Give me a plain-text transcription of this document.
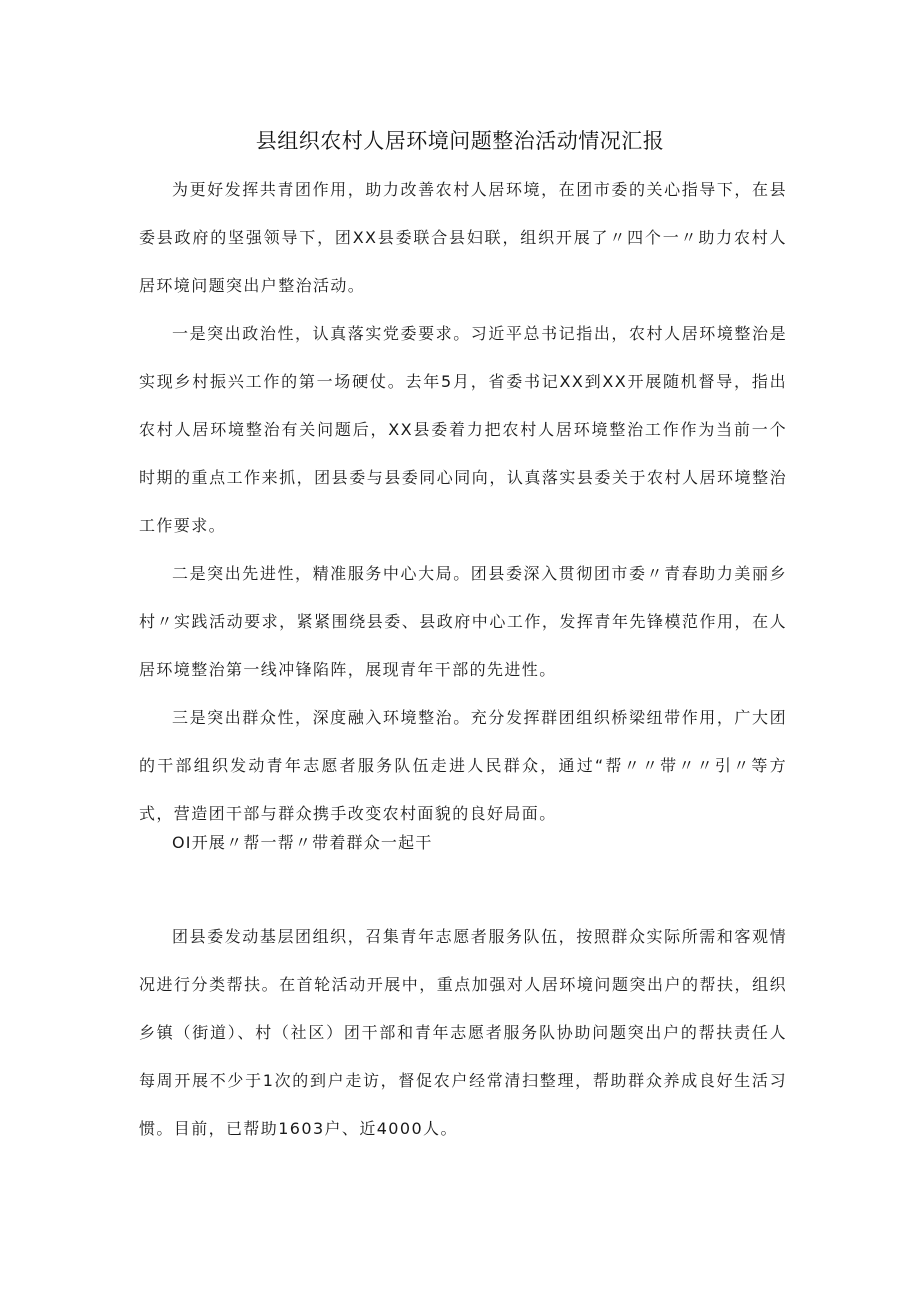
县组织农村人居环境问题整治活动情况汇报

为更好发挥共青团作用，助力改善农村人居环境，在团市委的关心指导下，在县委县政府的坚强领导下，团XX县委联合县妇联，组织开展了〃四个一〃助力农村人居环境问题突出户整治活动。

一是突出政治性，认真落实党委要求。习近平总书记指出，农村人居环境整治是实现乡村振兴工作的第一场硬仗。去年5月，省委书记XX到XX开展随机督导，指出农村人居环境整治有关问题后，XX县委着力把农村人居环境整治工作作为当前一个时期的重点工作来抓，团县委与县委同心同向，认真落实县委关于农村人居环境整治工作要求。

二是突出先进性，精准服务中心大局。团县委深入贯彻团市委〃青春助力美丽乡村〃实践活动要求，紧紧围绕县委、县政府中心工作，发挥青年先锋模范作用，在人居环境整治第一线冲锋陷阵，展现青年干部的先进性。

三是突出群众性，深度融入环境整治。充分发挥群团组织桥梁纽带作用，广大团的干部组织发动青年志愿者服务队伍走进人民群众，通过“帮〃〃带〃〃引〃等方式，营造团干部与群众携手改变农村面貌的良好局面。

OI开展〃帮一帮〃带着群众一起干

团县委发动基层团组织，召集青年志愿者服务队伍，按照群众实际所需和客观情况进行分类帮扶。在首轮活动开展中，重点加强对人居环境问题突出户的帮扶，组织乡镇（街道）、村（社区）团干部和青年志愿者服务队协助问题突出户的帮扶责任人每周开展不少于1次的到户走访，督促农户经常清扫整理，帮助群众养成良好生活习惯。目前，已帮助1603户、近4000人。
